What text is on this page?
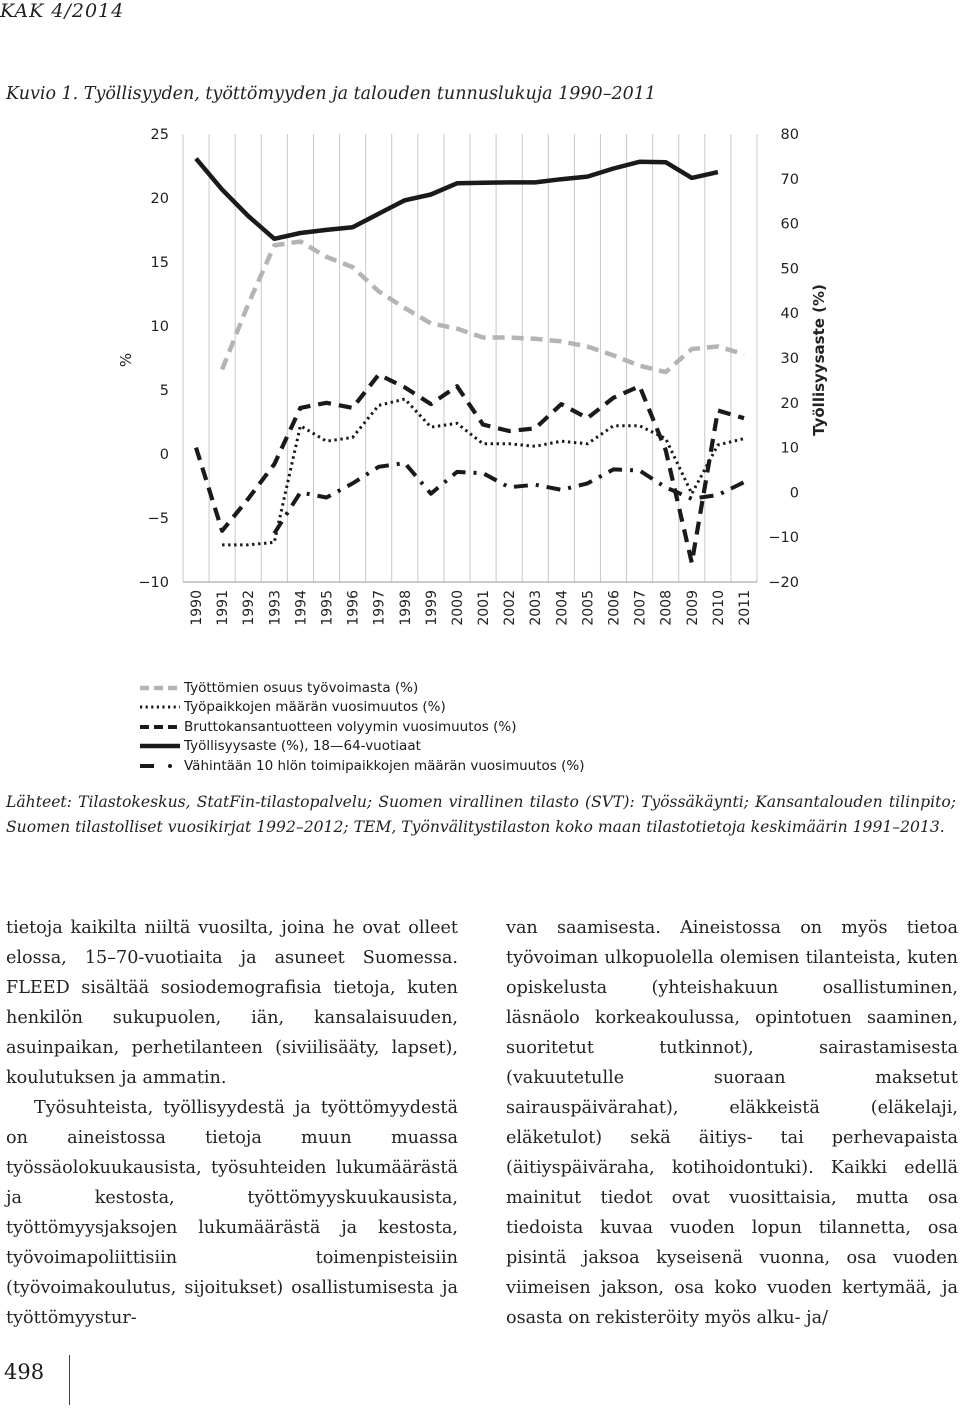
KAK 4/2014
Kuvio 1. Työllisyyden, työttömyyden ja talouden tunnuslukuja 1990–2011
25
20
15
10
5
0
−5
−10
80
70
60
50
40
30
20
10
0
−10
−20
1990 1991 1992 1993 1994 1995 1996 1997 1998 1999 2000 2001 2002 2003 2004 2005 2006 2007 2008 2009 2010 2011
%	Työllisyysaste (%)
Työttömien osuus työvoimasta (%)
Työpaikkojen määrän vuosimuutos (%)
Bruttokansantuotteen volyymin vuosimuutos (%)
Työllisyysaste (%), 18—64-vuotiaat
Vähintään 10 hlön toimipaikkojen määrän vuosimuutos (%)
Lähteet: Tilastokeskus, StatFin-tilastopalvelu; Suomen virallinen tilasto (SVT): Työssäkäynti; Kansantalouden tilinpito; Suomen tilastolliset vuosikirjat 1992–2012; TEM, Työnvälitystilaston koko maan tilastotietoja keskimäärin 1991–2013.

tietoja kaikilta niiltä vuosilta, joina he ovat olleet elossa, 15–70-vuotiaita ja asuneet Suomessa. FLEED sisältää sosiodemografisia tietoja, kuten henkilön sukupuolen, iän, kansalaisuuden, asuinpaikan, perhetilanteen (siviilisääty, lapset), koulutuksen ja ammatin.

Työsuhteista, työllisyydestä ja työttömyydestä on aineistossa tietoja muun muassa työssäolokuukausista, työsuhteiden lukumäärästä ja kestosta, työttömyyskuukausista, työttömyysjaksojen lukumäärästä ja kestosta, työvoimapoliittisiin toimenpisteisiin (työvoimakoulutus, sijoitukset) osallistumisesta ja työttömyystur-

van saamisesta. Aineistossa on myös tietoa työvoiman ulkopuolella olemisen tilanteista, kuten opiskelusta (yhteishakuun osallistuminen, läsnäolo korkeakoulussa, opintotuen saaminen, suoritetut tutkinnot), sairastamisesta (vakuutetulle suoraan maksetut sairauspäivärahat), eläkkeistä (eläkelaji, eläketulot) sekä äitiys- tai perhevapaista (äitiyspäiväraha, kotihoidontuki). Kaikki edellä mainitut tiedot ovat vuosittaisia, mutta osa tiedoista kuvaa vuoden lopun tilannetta, osa pisintä jaksoa kyseisenä vuonna, osa vuoden viimeisen jakson, osa koko vuoden kertymää, ja osasta on rekisteröity myös alku- ja/

498
